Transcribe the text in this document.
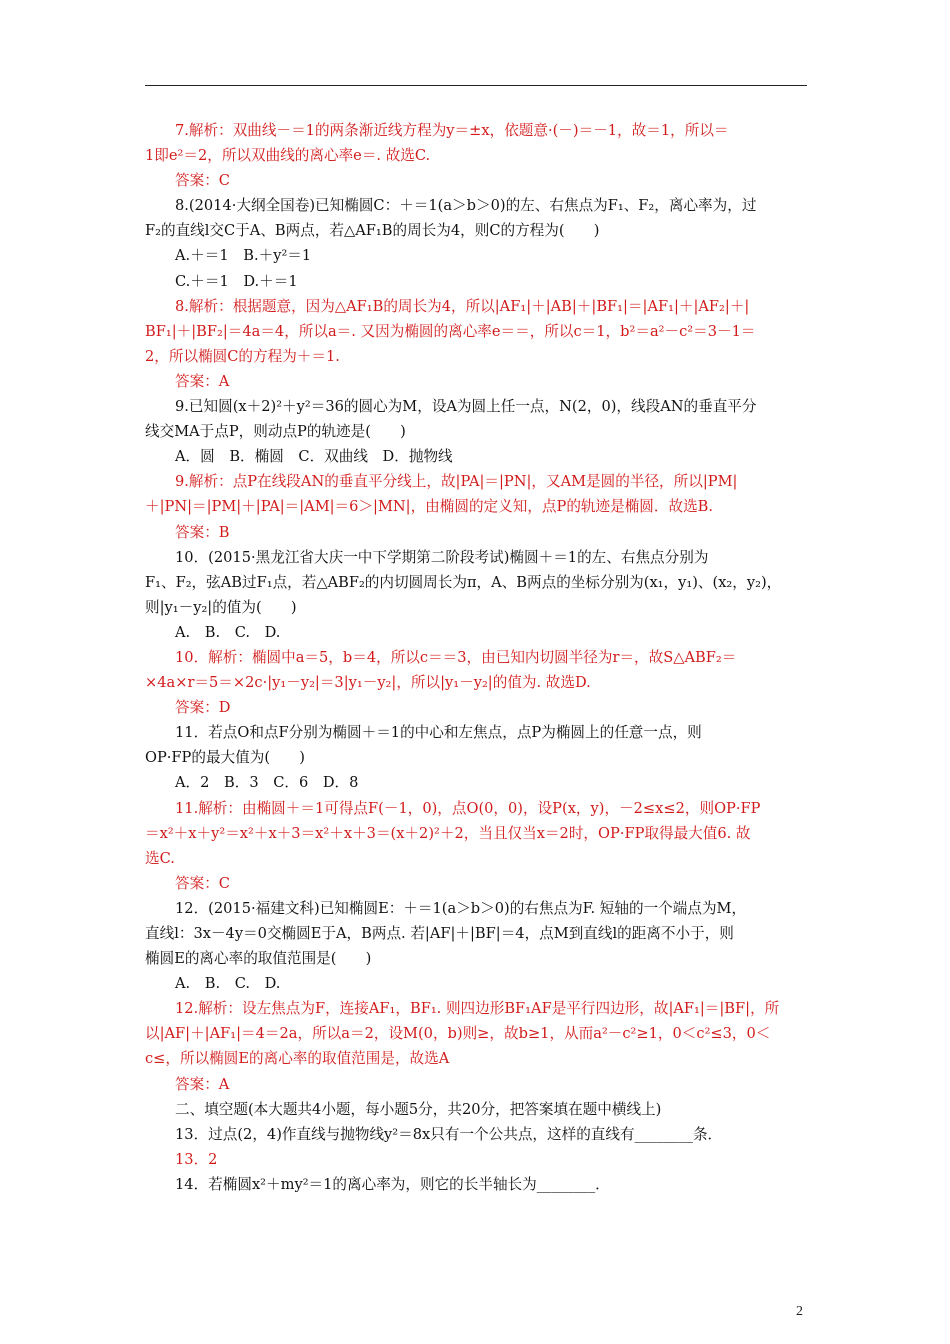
7.解析：双曲线－＝1的两条渐近线方程为y＝±x，依题意·(－)＝－1，故＝1，所以＝
1即e²＝2，所以双曲线的离心率e＝. 故选C.
答案：C
8.(2014·大纲全国卷)已知椭圆C：＋＝1(a＞b＞0)的左、右焦点为F₁、F₂，离心率为，过
F₂的直线l交C于A、B两点，若△AF₁B的周长为4，则C的方程为(　　)
A.＋＝1　B.＋y²＝1
C.＋＝1　D.＋＝1
8.解析：根据题意，因为△AF₁B的周长为4，所以|AF₁|＋|AB|＋|BF₁|＝|AF₁|＋|AF₂|＋|
BF₁|＋|BF₂|＝4a＝4，所以a＝. 又因为椭圆的离心率e＝＝，所以c＝1，b²＝a²－c²＝3－1＝
2，所以椭圆C的方程为＋＝1.
答案：A
9.已知圆(x＋2)²＋y²＝36的圆心为M，设A为圆上任一点，N(2，0)，线段AN的垂直平分
线交MA于点P，则动点P的轨迹是(　　)
A．圆　B．椭圆　C．双曲线　D．抛物线
9.解析：点P在线段AN的垂直平分线上，故|PA|＝|PN|，又AM是圆的半径，所以|PM|
＋|PN|＝|PM|＋|PA|＝|AM|＝6＞|MN|，由椭圆的定义知，点P的轨迹是椭圆．故选B.
答案：B
10．(2015·黑龙江省大庆一中下学期第二阶段考试)椭圆＋＝1的左、右焦点分别为
F₁、F₂，弦AB过F₁点，若△ABF₂的内切圆周长为π，A、B两点的坐标分别为(x₁，y₁)、(x₂，y₂)，
则|y₁－y₂|的值为(　　)
A.　B.　C.　D.
10．解析：椭圆中a＝5，b＝4，所以c＝＝3，由已知内切圆半径为r＝，故S△ABF₂＝
×4a×r＝5＝×2c·|y₁－y₂|＝3|y₁－y₂|，所以|y₁－y₂|的值为. 故选D.
答案：D
11．若点O和点F分别为椭圆＋＝1的中心和左焦点，点P为椭圆上的任意一点，则
OP·FP的最大值为(　　)
A．2　B．3　C．6　D．8
11.解析：由椭圆＋＝1可得点F(－1，0)，点O(0，0)，设P(x，y)，－2≤x≤2，则OP·FP
＝x²＋x＋y²＝x²＋x＋3＝x²＋x＋3＝(x＋2)²＋2，当且仅当x＝2时，OP·FP取得最大值6. 故
选C.
答案：C
12．(2015·福建文科)已知椭圆E：＋＝1(a＞b＞0)的右焦点为F. 短轴的一个端点为M，
直线l：3x－4y＝0交椭圆E于A，B两点. 若|AF|＋|BF|＝4，点M到直线l的距离不小于，则
椭圆E的离心率的取值范围是(　　)
A.　B.　C.　D.
12.解析：设左焦点为F，连接AF₁，BF₁. 则四边形BF₁AF是平行四边形，故|AF₁|＝|BF|，所
以|AF|＋|AF₁|＝4＝2a，所以a＝2，设M(0，b)则≥，故b≥1，从而a²－c²≥1，0＜c²≤3，0＜
c≤，所以椭圆E的离心率的取值范围是，故选A
答案：A
二、填空题(本大题共4小题，每小题5分，共20分，把答案填在题中横线上)
13．过点(2，4)作直线与抛物线y²＝8x只有一个公共点，这样的直线有________条．
13．2
14．若椭圆x²＋my²＝1的离心率为，则它的长半轴长为________．
2
